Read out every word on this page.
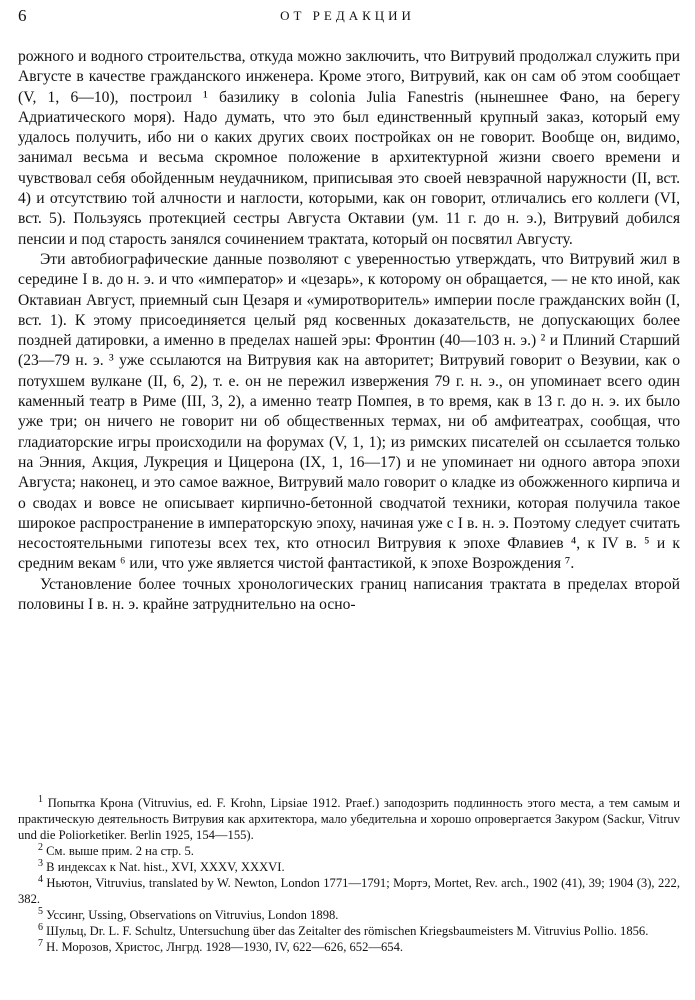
6	ОТ РЕДАКЦИИ

рожного и водного строительства, откуда можно заключить, что Витрувий продолжал служить при Августе в качестве гражданского инженера. Кроме этого, Витрувий, как он сам об этом сообщает (V, 1, 6—10), построил ¹ базилику в colonia Julia Fanestris (нынешнее Фано, на берегу Адриатического моря). Надо думать, что это был единственный крупный заказ, который ему удалось получить, ибо ни о каких других своих постройках он не говорит. Вообще он, видимо, занимал весьма и весьма скромное положение в архитектурной жизни своего времени и чувствовал себя обойденным неудачником, приписывая это своей невзрачной наружности (II, вст. 4) и отсутствию той алчности и наглости, которыми, как он говорит, отличались его коллеги (VI, вст. 5). Пользуясь протекцией сестры Августа Октавии (ум. 11 г. до н. э.), Витрувий добился пенсии и под старость занялся сочинением трактата, который он посвятил Августу.

Эти автобиографические данные позволяют с уверенностью утверждать, что Витрувий жил в середине I в. до н. э. и что «император» и «цезарь», к которому он обращается, — не кто иной, как Октавиан Август, приемный сын Цезаря и «умиротворитель» империи после гражданских войн (I, вст. 1). К этому присоединяется целый ряд косвенных доказательств, не допускающих более поздней датировки, а именно в пределах нашей эры: Фронтин (40—103 н. э.) ² и Плиний Старший (23—79 н. э. ³ уже ссылаются на Витрувия как на авторитет; Витрувий говорит о Везувии, как о потухшем вулкане (II, 6, 2), т. е. он не пережил извержения 79 г. н. э., он упоминает всего один каменный театр в Риме (III, 3, 2), а именно театр Помпея, в то время, как в 13 г. до н. э. их было уже три; он ничего не говорит ни об общественных термах, ни об амфитеатрах, сообщая, что гладиаторские игры происходили на форумах (V, 1, 1); из римских писателей он ссылается только на Энния, Акция, Лукреция и Цицерона (IX, 1, 16—17) и не упоминает ни одного автора эпохи Августа; наконец, и это самое важное, Витрувий мало говорит о кладке из обожженного кирпича и о сводах и вовсе не описывает кирпично-бетонной сводчатой техники, которая получила такое широкое распространение в императорскую эпоху, начиная уже с I в. н. э. Поэтому следует считать несостоятельными гипотезы всех тех, кто относил Витрувия к эпохе Флавиев ⁴, к IV в. ⁵ и к средним векам ⁶ или, что уже является чистой фантастикой, к эпохе Возрождения ⁷.

Установление более точных хронологических границ написания трактата в пределах второй половины I в. н. э. крайне затруднительно на осно-

$^1$ Попытка Крона (Vitruvius, ed. F. Krohn, Lipsiae 1912. Praef.) заподозрить подлинность этого места, а тем самым и практическую деятельность Витрувия как архитектора, мало убедительна и хорошо опровергается Закуром (Sackur, Vitruv und die Poliorketiker. Berlin 1925, 154—155).

$^2$ См. выше прим. 2 на стр. 5.

$^3$ В индексах к Nat. hist., XVI, XXXV, XXXVI.

$^4$ Ньютон, Vitruvius, translated by W. Newton, London 1771—1791; Мортэ, Mortet, Rev. arch., 1902 (41), 39; 1904 (3), 222, 382.

$^5$ Уссинг, Ussing, Observations on Vitruvius, London 1898.

$^6$ Шульц, Dr. L. F. Schultz, Untersuchung über das Zeitalter des römischen Kriegsbaumeisters M. Vitruvius Pollio. 1856.

$^7$ Н. Морозов, Христос, Лнгрд. 1928—1930, IV, 622—626, 652—654.
